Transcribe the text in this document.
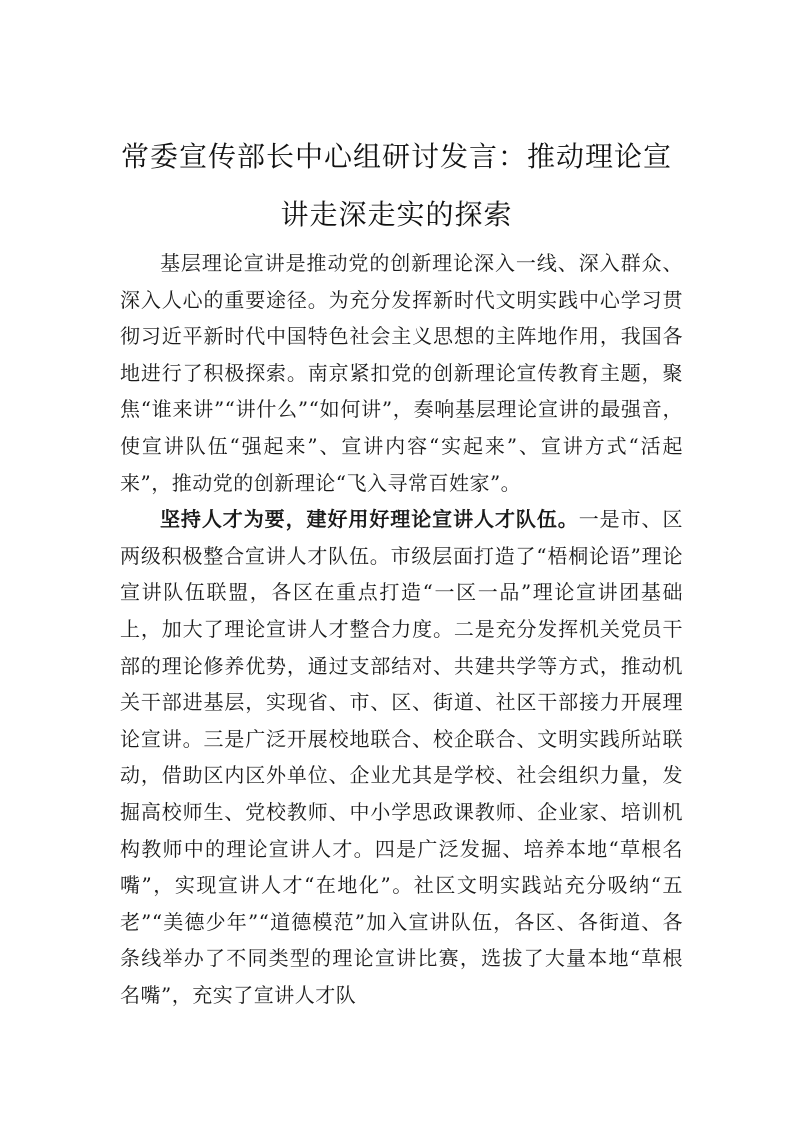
常委宣传部长中心组研讨发言：推动理论宣
讲走深走实的探索

基层理论宣讲是推动党的创新理论深入一线、深入群众、深入人心的重要途径。为充分发挥新时代文明实践中心学习贯彻习近平新时代中国特色社会主义思想的主阵地作用，我国各地进行了积极探索。南京紧扣党的创新理论宣传教育主题，聚焦“谁来讲”“讲什么”“如何讲”，奏响基层理论宣讲的最强音，使宣讲队伍“强起来”、宣讲内容“实起来”、宣讲方式“活起来”，推动党的创新理论“飞入寻常百姓家”。

坚持人才为要，建好用好理论宣讲人才队伍。一是市、区两级积极整合宣讲人才队伍。市级层面打造了“梧桐论语”理论宣讲队伍联盟，各区在重点打造“一区一品”理论宣讲团基础上，加大了理论宣讲人才整合力度。二是充分发挥机关党员干部的理论修养优势，通过支部结对、共建共学等方式，推动机关干部进基层，实现省、市、区、街道、社区干部接力开展理论宣讲。三是广泛开展校地联合、校企联合、文明实践所站联动，借助区内区外单位、企业尤其是学校、社会组织力量，发掘高校师生、党校教师、中小学思政课教师、企业家、培训机构教师中的理论宣讲人才。四是广泛发掘、培养本地“草根名嘴”，实现宣讲人才“在地化”。社区文明实践站充分吸纳“五老”“美德少年”“道德模范”加入宣讲队伍，各区、各街道、各条线举办了不同类型的理论宣讲比赛，选拔了大量本地“草根名嘴”，充实了宣讲人才队
